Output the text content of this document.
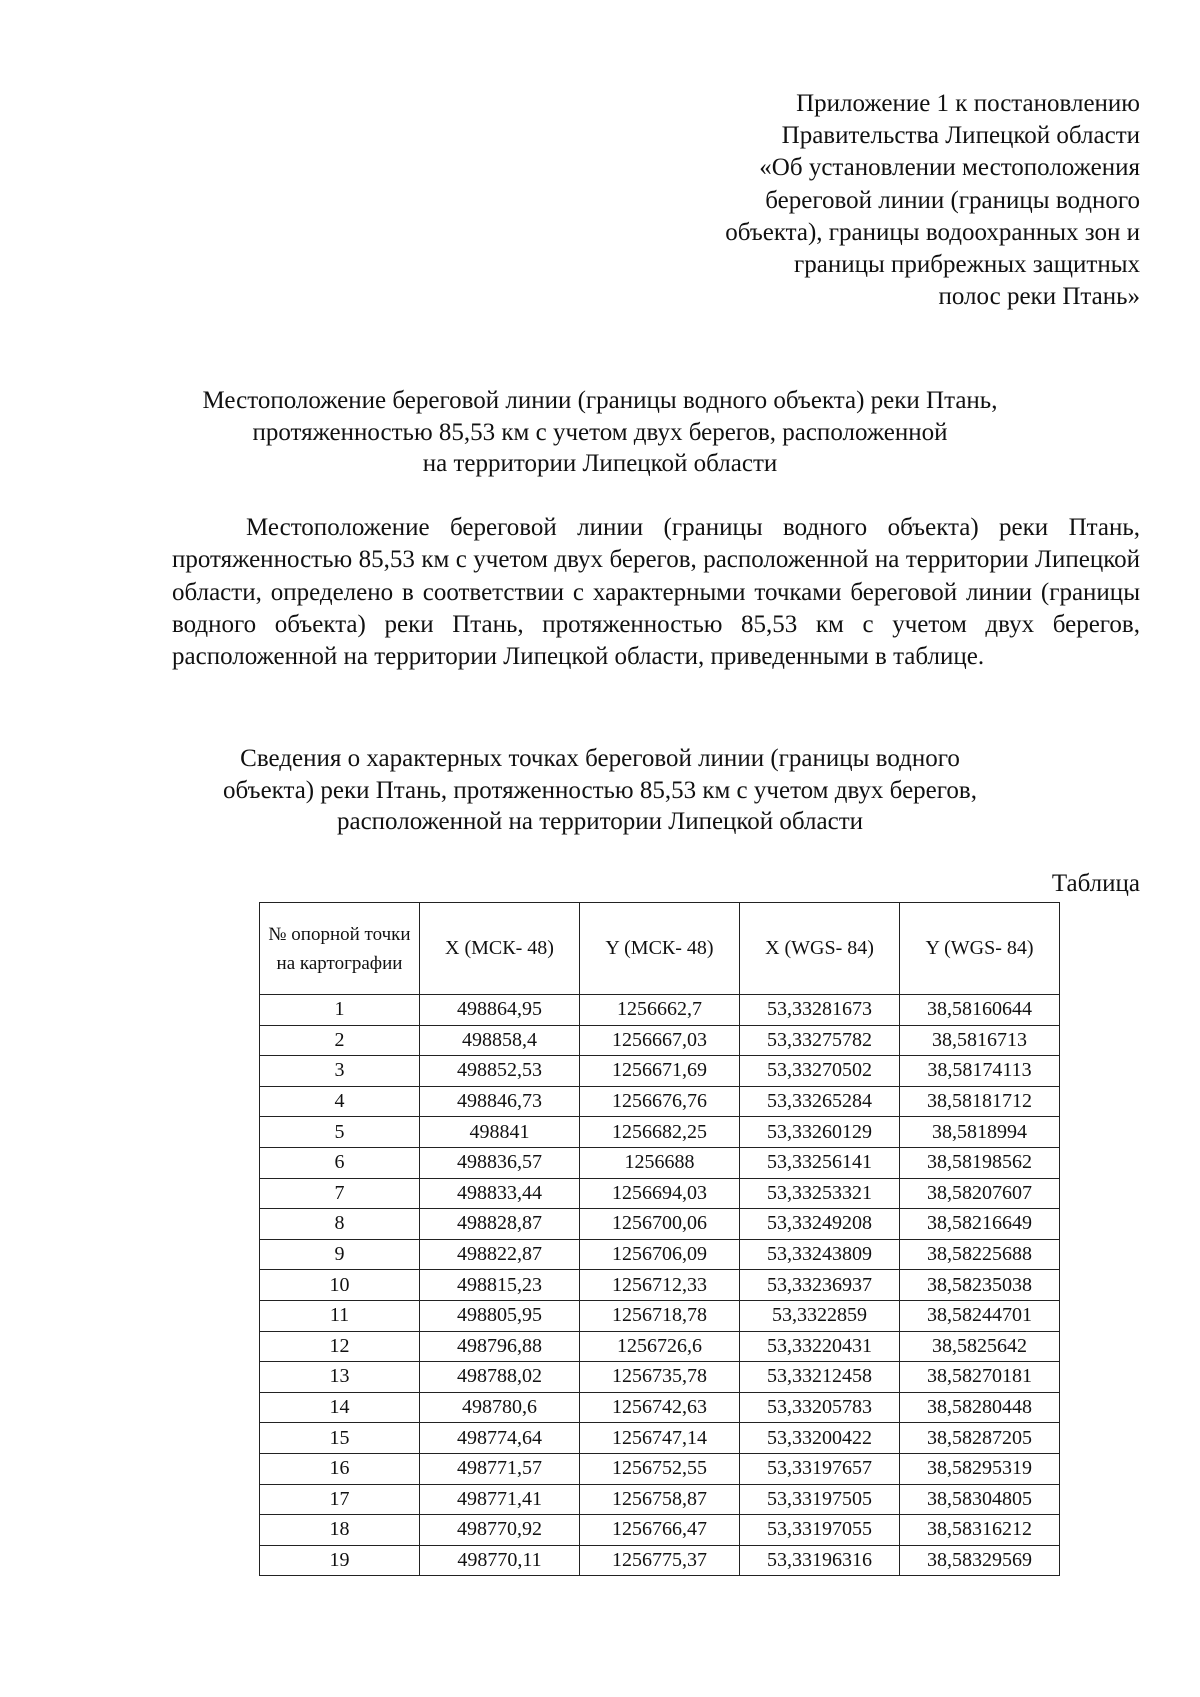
Приложение 1 к постановлению
Правительства Липецкой области
«Об установлении местоположения
береговой линии (границы водного
объекта), границы водоохранных зон и
границы прибрежных защитных
полос реки Птань»
Местоположение береговой линии (границы водного объекта) реки Птань,
протяженностью 85,53 км с учетом двух берегов, расположенной
на территории Липецкой области

Местоположение береговой линии (границы водного объекта) реки Птань, протяженностью 85,53 км с учетом двух берегов, расположенной на территории Липецкой области, определено в соответствии с характерными точками береговой линии (границы водного объекта) реки Птань, протяженностью 85,53 км с учетом двух берегов, расположенной на территории Липецкой области, приведенными в таблице.

Сведения о характерных точках береговой линии (границы водного
объекта) реки Птань, протяженностью 85,53 км с учетом двух берегов,
расположенной на территории Липецкой области
Таблица
№ опорной точки на картографии	X (МСК- 48)	Y (МСК- 48)	X (WGS- 84)	Y (WGS- 84)
1	498864,95	1256662,7	53,33281673	38,58160644
2	498858,4	1256667,03	53,33275782	38,5816713
3	498852,53	1256671,69	53,33270502	38,58174113
4	498846,73	1256676,76	53,33265284	38,58181712
5	498841	1256682,25	53,33260129	38,5818994
6	498836,57	1256688	53,33256141	38,58198562
7	498833,44	1256694,03	53,33253321	38,58207607
8	498828,87	1256700,06	53,33249208	38,58216649
9	498822,87	1256706,09	53,33243809	38,58225688
10	498815,23	1256712,33	53,33236937	38,58235038
11	498805,95	1256718,78	53,3322859	38,58244701
12	498796,88	1256726,6	53,33220431	38,5825642
13	498788,02	1256735,78	53,33212458	38,58270181
14	498780,6	1256742,63	53,33205783	38,58280448
15	498774,64	1256747,14	53,33200422	38,58287205
16	498771,57	1256752,55	53,33197657	38,58295319
17	498771,41	1256758,87	53,33197505	38,58304805
18	498770,92	1256766,47	53,33197055	38,58316212
19	498770,11	1256775,37	53,33196316	38,58329569
